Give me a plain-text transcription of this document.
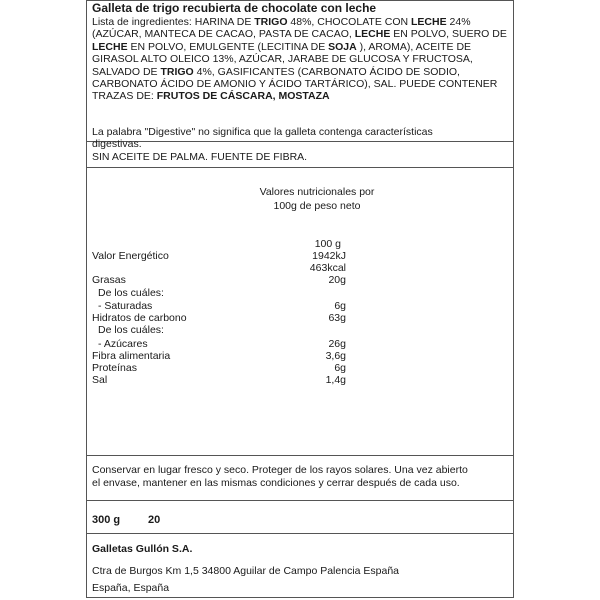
Galleta de trigo recubierta de chocolate con leche
Lista de ingredientes: HARINA DE TRIGO 48%, CHOCOLATE CON LECHE 24% (AZÚCAR, MANTECA DE CACAO, PASTA DE CACAO, LECHE EN POLVO, SUERO DE LECHE EN POLVO, EMULGENTE (LECITINA DE SOJA ), AROMA), ACEITE DE GIRASOL ALTO OLEICO 13%, AZÚCAR, JARABE DE GLUCOSA Y FRUCTOSA, SALVADO DE TRIGO 4%, GASIFICANTES (CARBONATO ÁCIDO DE SODIO, CARBONATO ÁCIDO DE AMONIO Y ÁCIDO TARTÁRICO), SAL. PUEDE CONTENER TRAZAS DE: FRUTOS DE CÁSCARA, MOSTAZA
La palabra "Digestive" no significa que la galleta contenga características
digestivas.
SIN ACEITE DE PALMA. FUENTE DE FIBRA.
Valores nutricionales por
100g de peso neto
100 g
Valor Energético	1942kJ
463kcal
Grasas	20g
De los cuáles:
- Saturadas	6g
Hidratos de carbono	63g
De los cuáles:
- Azúcares	26g
Fibra alimentaria	3,6g
Proteínas	6g
Sal	1,4g
Conservar en lugar fresco y seco. Proteger de los rayos solares. Una vez abierto
el envase, mantener en las mismas condiciones y cerrar después de cada uso.
300 g	20
Galletas Gullón S.A.
Ctra de Burgos Km 1,5 34800 Aguilar de Campo Palencia España
España, España
